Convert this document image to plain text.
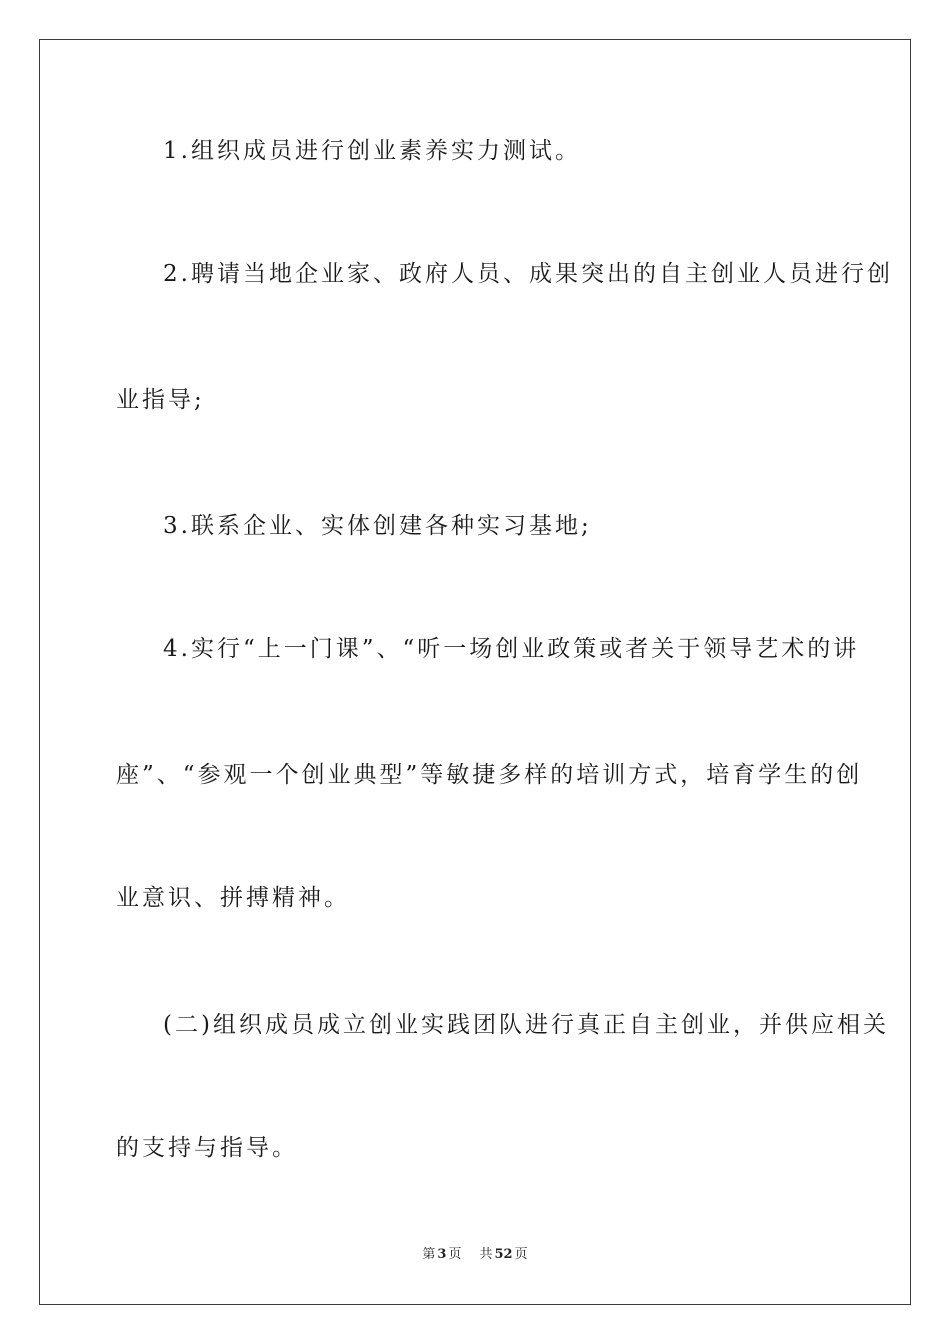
1.组织成员进行创业素养实力测试。
2.聘请当地企业家、政府人员、成果突出的自主创业人员进行创
业指导;
3.联系企业、实体创建各种实习基地;
4.实行“上一门课”、“听一场创业政策或者关于领导艺术的讲
座”、“参观一个创业典型”等敏捷多样的培训方式，培育学生的创
业意识、拼搏精神。
(二)组织成员成立创业实践团队进行真正自主创业，并供应相关
的支持与指导。
第 3 页 共 52 页
